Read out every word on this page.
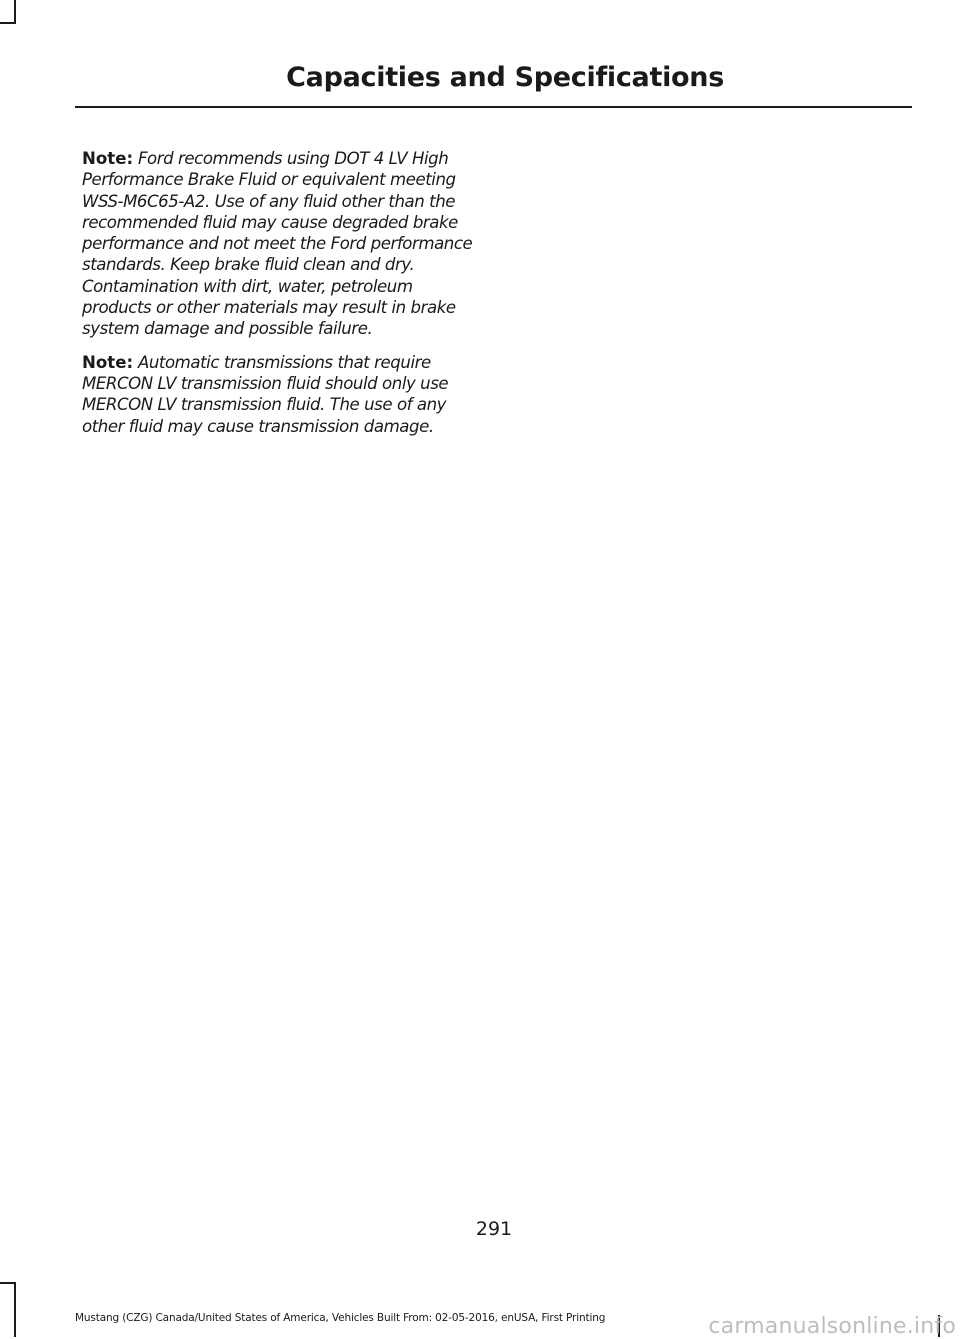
Capacities and Specifications

Note: Ford recommends using DOT 4 LV High Performance Brake Fluid or equivalent meeting WSS-M6C65-A2. Use of any fluid other than the recommended fluid may cause degraded brake performance and not meet the Ford performance standards. Keep brake fluid clean and dry. Contamination with dirt, water, petroleum products or other materials may result in brake system damage and possible failure.

Note: Automatic transmissions that require MERCON LV transmission fluid should only use MERCON LV transmission fluid. The use of any other fluid may cause transmission damage.

291
Mustang (CZG) Canada/United States of America, Vehicles Built From: 02-05-2016, enUSA, First Printing	carmanualsonline.info
